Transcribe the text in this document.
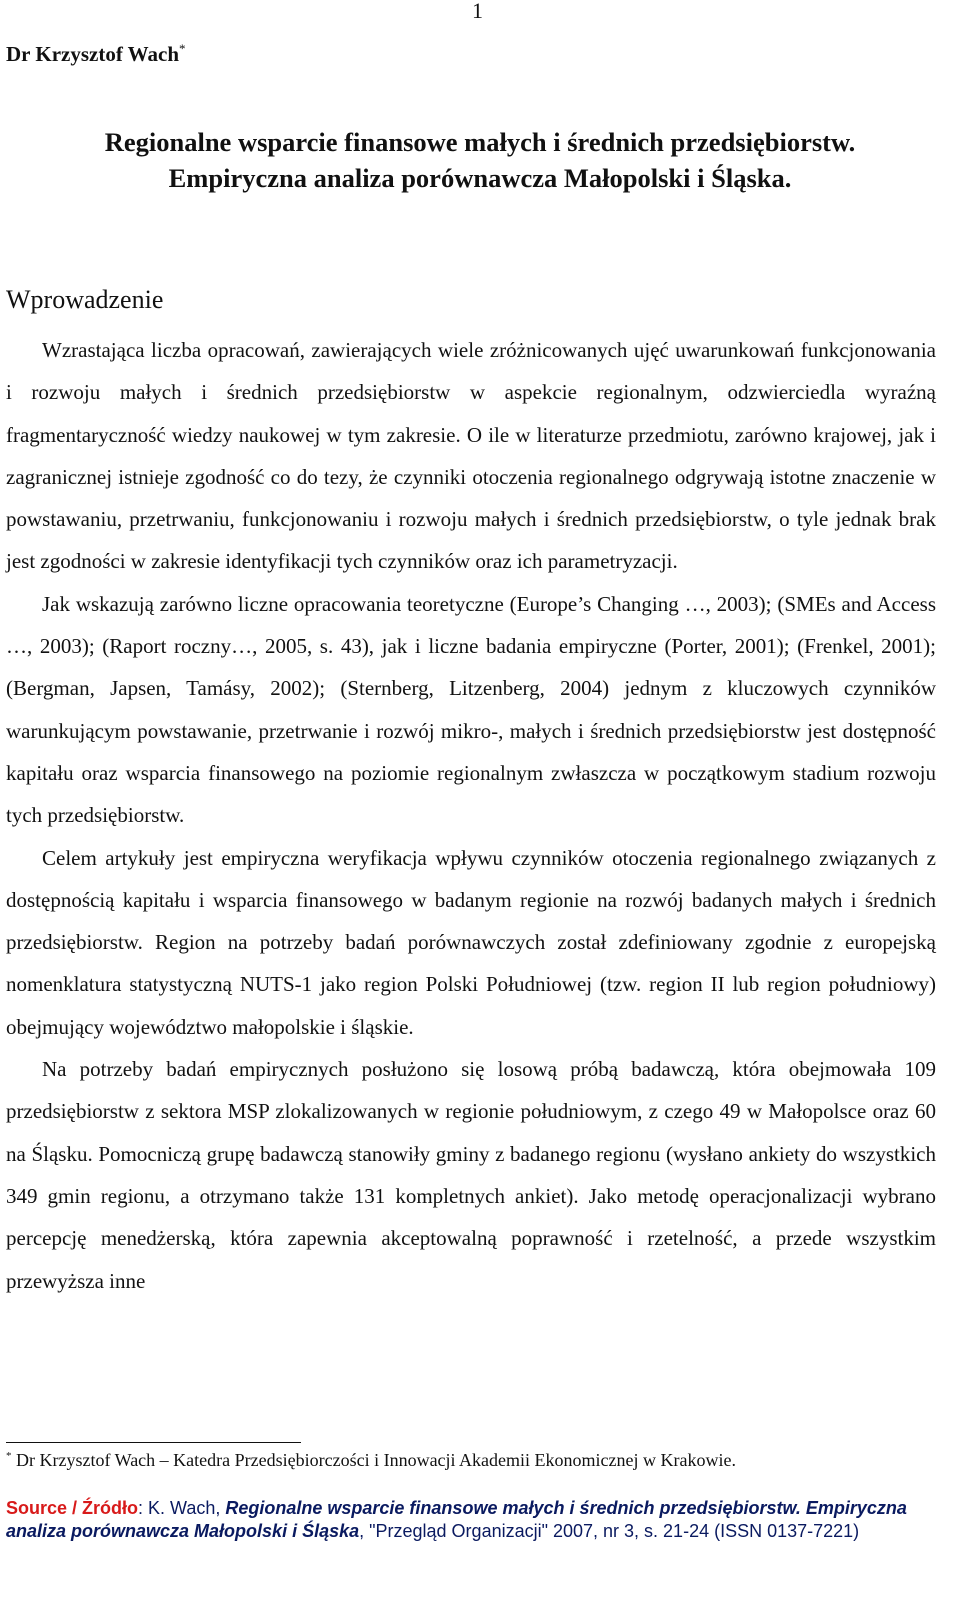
1
Dr Krzysztof Wach*
Regionalne wsparcie finansowe małych i średnich przedsiębiorstw.
Empiryczna analiza porównawcza Małopolski i Śląska.
Wprowadzenie

Wzrastająca liczba opracowań, zawierających wiele zróżnicowanych ujęć uwarunkowań funkcjonowania i rozwoju małych i średnich przedsiębiorstw w aspekcie regionalnym, odzwierciedla wyraźną fragmentaryczność wiedzy naukowej w tym zakresie. O ile w literaturze przedmiotu, zarówno krajowej, jak i zagranicznej istnieje zgodność co do tezy, że czynniki otoczenia regionalnego odgrywają istotne znaczenie w powstawaniu, przetrwaniu, funkcjonowaniu i rozwoju małych i średnich przedsiębiorstw, o tyle jednak brak jest zgodności w zakresie identyfikacji tych czynników oraz ich parametryzacji.

Jak wskazują zarówno liczne opracowania teoretyczne (Europe’s Changing …, 2003); (SMEs and Access …, 2003); (Raport roczny…, 2005, s. 43), jak i liczne badania empiryczne (Porter, 2001); (Frenkel, 2001); (Bergman, Japsen, Tamásy, 2002); (Sternberg, Litzenberg, 2004) jednym z kluczowych czynników warunkującym powstawanie, przetrwanie i rozwój mikro-, małych i średnich przedsiębiorstw jest dostępność kapitału oraz wsparcia finansowego na poziomie regionalnym zwłaszcza w początkowym stadium rozwoju tych przedsiębiorstw.

Celem artykuły jest empiryczna weryfikacja wpływu czynników otoczenia regionalnego związanych z dostępnością kapitału i wsparcia finansowego w badanym regionie na rozwój badanych małych i średnich przedsiębiorstw. Region na potrzeby badań porównawczych został zdefiniowany zgodnie z europejską nomenklatura statystyczną NUTS-1 jako region Polski Południowej (tzw. region II lub region południowy) obejmujący województwo małopolskie i śląskie.

Na potrzeby badań empirycznych posłużono się losową próbą badawczą, która obejmowała 109 przedsiębiorstw z sektora MSP zlokalizowanych w regionie południowym, z czego 49 w Małopolsce oraz 60 na Śląsku. Pomocniczą grupę badawczą stanowiły gminy z badanego regionu (wysłano ankiety do wszystkich 349 gmin regionu, a otrzymano także 131 kompletnych ankiet). Jako metodę operacjonalizacji wybrano percepcję menedżerską, która zapewnia akceptowalną poprawność i rzetelność, a przede wszystkim przewyższa inne

* Dr Krzysztof Wach – Katedra Przedsiębiorczości i Innowacji Akademii Ekonomicznej w Krakowie.
Source / Źródło: K. Wach, Regionalne wsparcie finansowe małych i średnich przedsiębiorstw. Empiryczna analiza porównawcza Małopolski i Śląska, "Przegląd Organizacji" 2007, nr 3, s. 21-24 (ISSN 0137-7221)
